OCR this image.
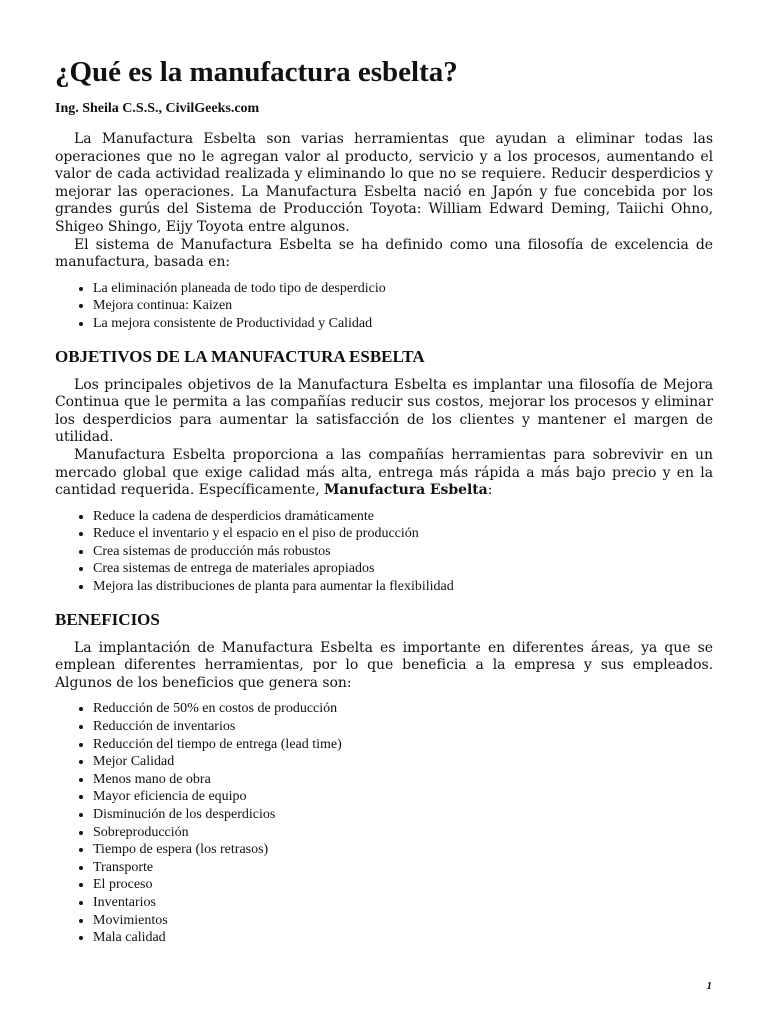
¿Qué es la manufactura esbelta?
Ing. Sheila C.S.S., CivilGeeks.com

La Manufactura Esbelta son varias herramientas que ayudan a eliminar todas las operaciones que no le agregan valor al producto, servicio y a los procesos, aumentando el valor de cada actividad realizada y eliminando lo que no se requiere. Reducir desperdicios y mejorar las operaciones. La Manufactura Esbelta nació en Japón y fue concebida por los grandes gurús del Sistema de Producción Toyota: William Edward Deming, Taiichi Ohno, Shigeo Shingo, Eijy Toyota entre algunos.

El sistema de Manufactura Esbelta se ha definido como una filosofía de excelencia de manufactura, basada en:

• La eliminación planeada de todo tipo de desperdicio
• Mejora continua: Kaizen
• La mejora consistente de Productividad y Calidad
OBJETIVOS DE LA MANUFACTURA ESBELTA

Los principales objetivos de la Manufactura Esbelta es implantar una filosofía de Mejora Continua que le permita a las compañías reducir sus costos, mejorar los procesos y eliminar los desperdicios para aumentar la satisfacción de los clientes y mantener el margen de utilidad.

Manufactura Esbelta proporciona a las compañías herramientas para sobrevivir en un mercado global que exige calidad más alta, entrega más rápida a más bajo precio y en la cantidad requerida. Específicamente, Manufactura Esbelta:

• Reduce la cadena de desperdicios dramáticamente
• Reduce el inventario y el espacio en el piso de producción
• Crea sistemas de producción más robustos
• Crea sistemas de entrega de materiales apropiados
• Mejora las distribuciones de planta para aumentar la flexibilidad
BENEFICIOS

La implantación de Manufactura Esbelta es importante en diferentes áreas, ya que se emplean diferentes herramientas, por lo que beneficia a la empresa y sus empleados. Algunos de los beneficios que genera son:

• Reducción de 50% en costos de producción
• Reducción de inventarios
• Reducción del tiempo de entrega (lead time)
• Mejor Calidad
• Menos mano de obra
• Mayor eficiencia de equipo
• Disminución de los desperdicios
• Sobreproducción
• Tiempo de espera (los retrasos)
• Transporte
• El proceso
• Inventarios
• Movimientos
• Mala calidad
1
